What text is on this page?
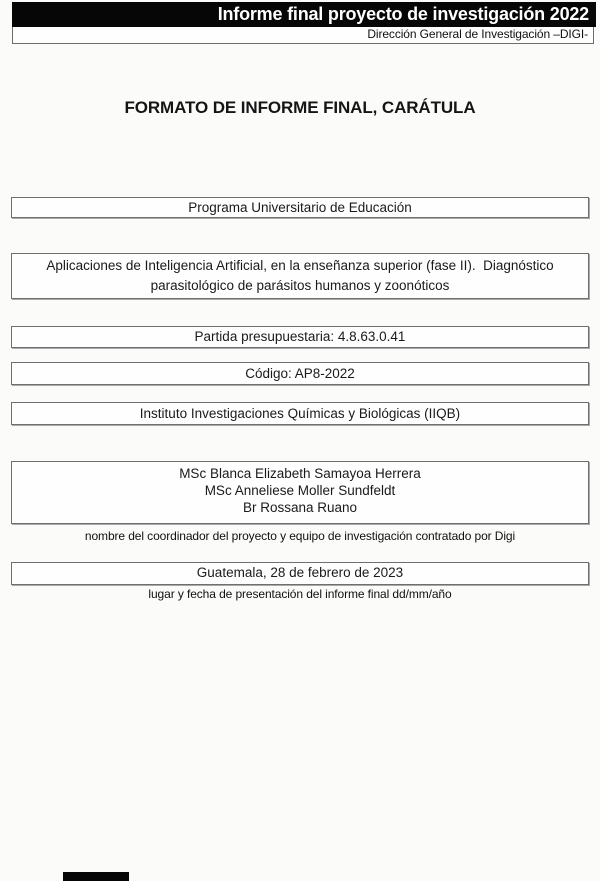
Informe final proyecto de investigación 2022
Dirección General de Investigación –DIGI-
FORMATO DE INFORME FINAL, CARÁTULA
Programa Universitario de Educación
Aplicaciones de Inteligencia Artificial, en la enseñanza superior (fase II).  Diagnóstico
parasitológico de parásitos humanos y zoonóticos
Partida presupuestaria: 4.8.63.0.41
Código: AP8-2022
Instituto Investigaciones Químicas y Biológicas (IIQB)
MSc Blanca Elizabeth Samayoa Herrera
MSc Anneliese Moller Sundfeldt
Br Rossana Ruano
nombre del coordinador del proyecto y equipo de investigación contratado por Digi
Guatemala, 28 de febrero de 2023
lugar y fecha de presentación del informe final dd/mm/año
